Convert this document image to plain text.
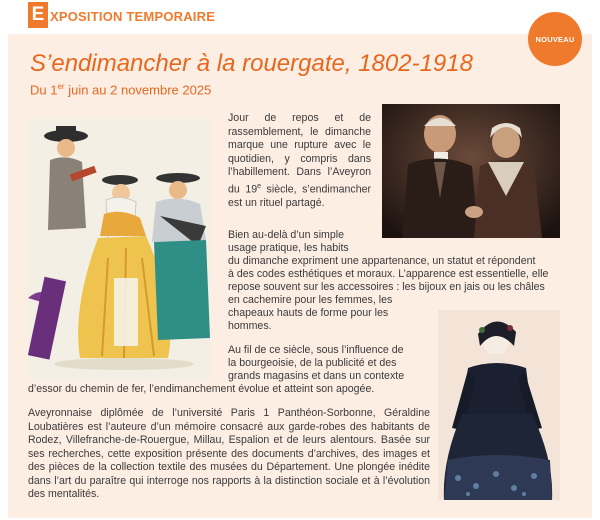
E XPOSITION TEMPORAIRE
NOUVEAU
S’endimancher à la rouergate, 1802-1918
Du 1er juin au 2 novembre 2025

Jour de repos et de rassemblement, le dimanche marque une rupture avec le quotidien, y compris dans l’habillement. Dans l’Aveyron du 19e siècle, s’endimancher est un rituel partagé.

Bien au-delà d’un simple
usage pratique, les habits
du dimanche expriment une appartenance, un statut et répondent
à des codes esthétiques et moraux. L’apparence est essentielle, elle
repose souvent sur les accessoires : les bijoux en jais ou les châles
en cachemire pour les femmes, les
chapeaux hauts de forme pour les
hommes.
Au fil de ce siècle, sous l’influence de
la bourgeoisie, de la publicité et des
grands magasins et dans un contexte
d’essor du chemin de fer, l’endimanchement évolue et atteint son apogée.

Aveyronnaise diplômée de l’université Paris 1 Panthéon-Sorbonne, Géraldine Loubatières est l’auteure d’un mémoire consacré aux garde-robes des habitants de Rodez, Villefranche-de-Rouergue, Millau, Espalion et de leurs alentours. Basée sur ses recherches, cette exposition présente des documents d’archives, des images et des pièces de la collection textile des musées du Département. Une plongée inédite dans l’art du paraître qui interroge nos rapports à la distinction sociale et à l’évolution des mentalités.
